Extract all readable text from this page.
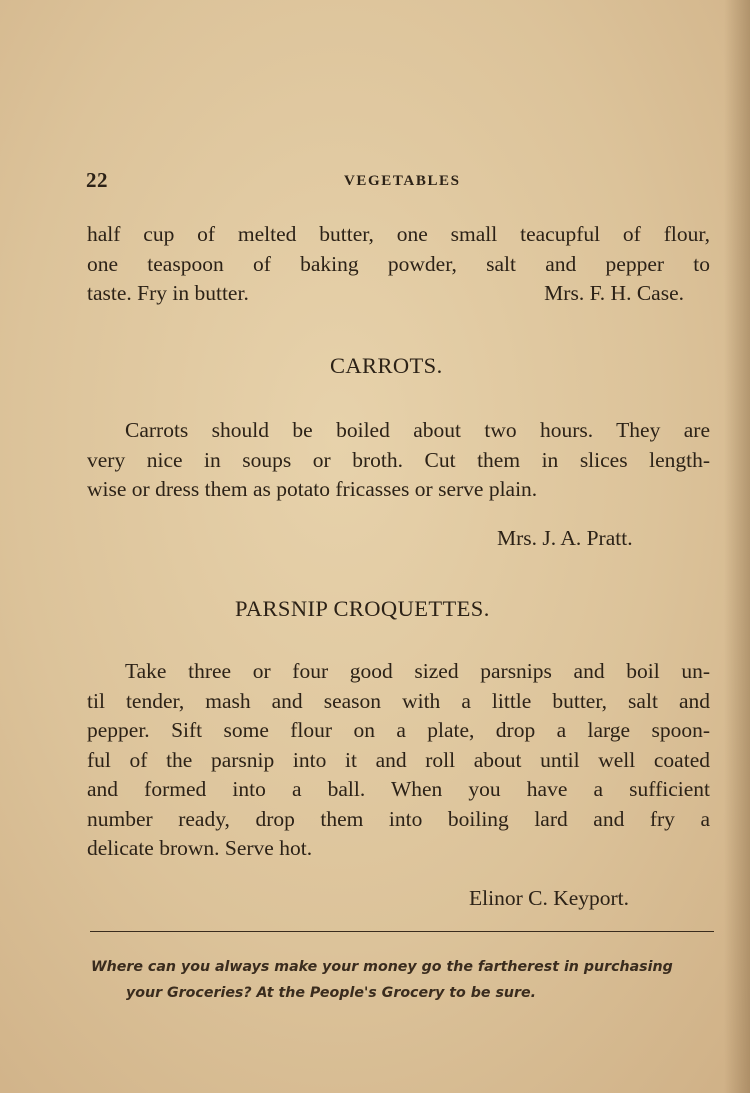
22	VEGETABLES
half cup of melted butter, one small teacupful of flour,
one teaspoon of baking powder, salt and pepper to
taste. Fry in butter.	Mrs. F. H. Case.
CARROTS.
Carrots should be boiled about two hours. They are
very nice in soups or broth. Cut them in slices length-
wise or dress them as potato fricasses or serve plain.
Mrs. J. A. Pratt.
PARSNIP CROQUETTES.
Take three or four good sized parsnips and boil un-
til tender, mash and season with a little butter, salt and
pepper. Sift some flour on a plate, drop a large spoon-
ful of the parsnip into it and roll about until well coated
and formed into a ball. When you have a sufficient
number ready, drop them into boiling lard and fry a
delicate brown. Serve hot.
Elinor C. Keyport.
Where can you always make your money go the fartherest in purchasing
your Groceries? At the People's Grocery to be sure.
